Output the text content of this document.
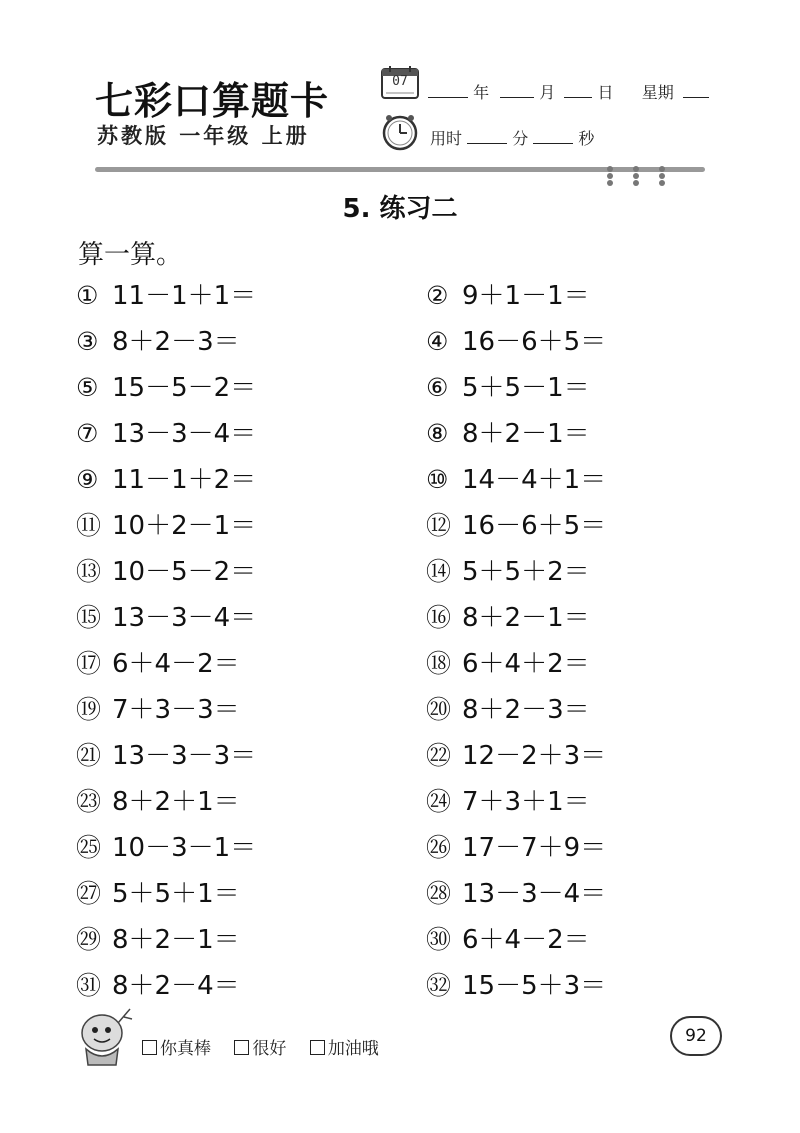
七彩口算题卡
苏教版 一年级 上册
07
年	月	日 星期
用时	分	秒
5. 练习二
算一算。
① 11－1＋1＝	② 9＋1－1＝
③ 8＋2－3＝	④ 16－6＋5＝
⑤ 15－5－2＝	⑥ 5＋5－1＝
⑦ 13－3－4＝	⑧ 8＋2－1＝
⑨ 11－1＋2＝	⑩ 14－4＋1＝
⑪ 10＋2－1＝	⑫ 16－6＋5＝
⑬ 10－5－2＝	⑭ 5＋5＋2＝
⑮ 13－3－4＝	⑯ 8＋2－1＝
⑰ 6＋4－2＝	⑱ 6＋4＋2＝
⑲ 7＋3－3＝	⑳ 8＋2－3＝
㉑ 13－3－3＝	㉒ 12－2＋3＝
㉓ 8＋2＋1＝	㉔ 7＋3＋1＝
㉕ 10－3－1＝	㉖ 17－7＋9＝
㉗ 5＋5＋1＝	㉘ 13－3－4＝
㉙ 8＋2－1＝	㉚ 6＋4－2＝
㉛ 8＋2－4＝	㉜ 15－5＋3＝
你真棒 很好 加油哦
92
